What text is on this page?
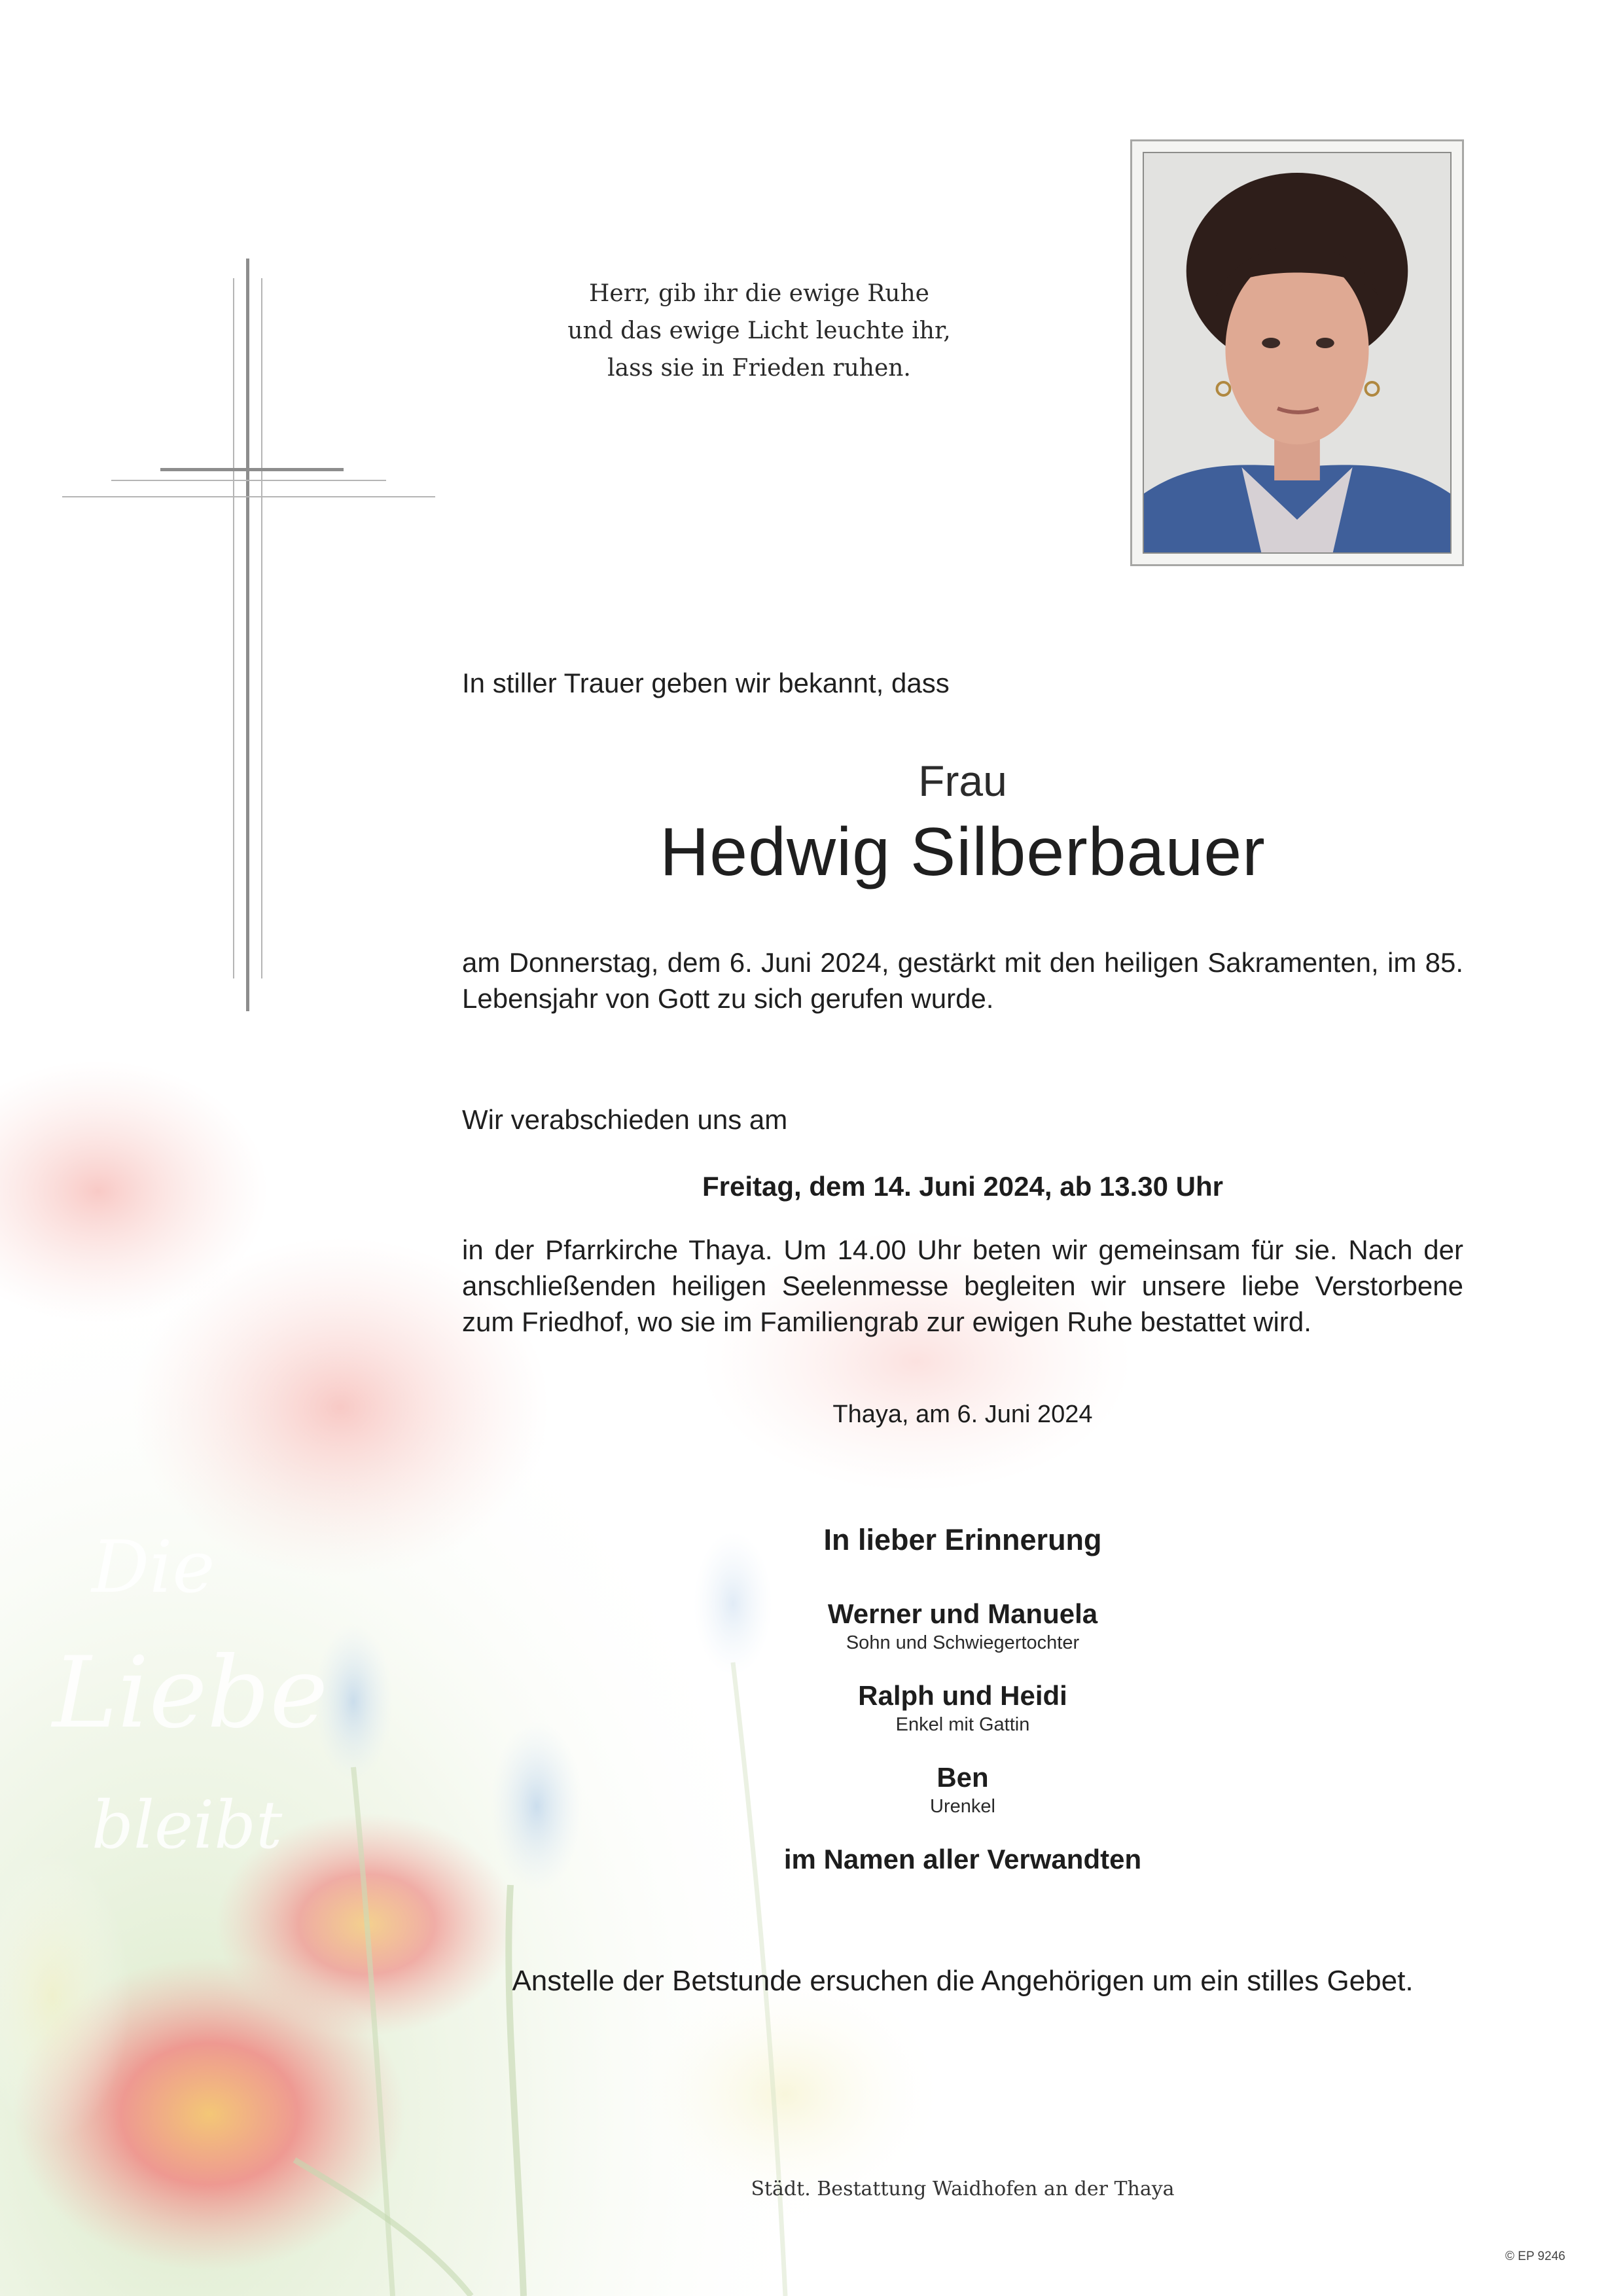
Herr, gib ihr die ewige Ruhe
und das ewige Licht leuchte ihr,
lass sie in Frieden ruhen.
In stiller Trauer geben wir bekannt, dass
Frau
Hedwig Silberbauer
am Donnerstag, dem 6. Juni 2024, gestärkt mit den heiligen Sakramenten, im 85. Lebensjahr von Gott zu sich gerufen wurde.
Wir verabschieden uns am
Freitag, dem 14. Juni 2024, ab 13.30 Uhr
in der Pfarrkirche Thaya. Um 14.00 Uhr beten wir gemeinsam für sie. Nach der anschließenden heiligen Seelenmesse begleiten wir unsere liebe Verstorbene zum Friedhof, wo sie im Familiengrab zur ewigen Ruhe bestattet wird.
Thaya, am 6. Juni 2024
Die
Liebe
bleibt
In lieber Erinnerung
Werner und Manuela
Sohn und Schwiegertochter
Ralph und Heidi
Enkel mit Gattin
Ben
Urenkel
im Namen aller Verwandten
Anstelle der Betstunde ersuchen die Angehörigen um ein stilles Gebet.
Städt. Bestattung Waidhofen an der Thaya
© EP 9246
